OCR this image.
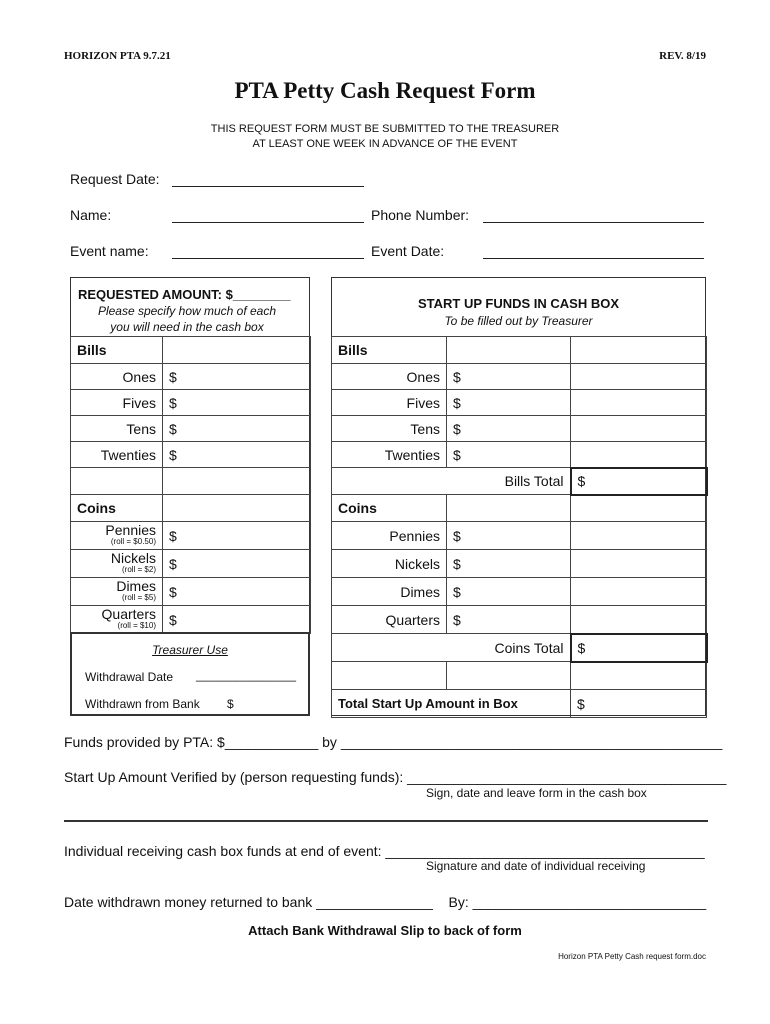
HORIZON PTA 9.7.21	REV. 8/19
PTA Petty Cash Request Form
THIS REQUEST FORM MUST BE SUBMITTED TO THE TREASURER
AT LEAST ONE WEEK IN ADVANCE OF THE EVENT
Request Date:
Name:	Phone Number:
Event name:	Event Date:
REQUESTED AMOUNT: $________
Please specify how much of each
you will need in the cash box
Bills	
Ones	$
Fives	$
Tens	$
Twenties	$

Coins	

Pennies
(roll = $0.50)	$

Nickels
(roll = $2)	$

Dimes
(roll = $5)	$

Quarters
(roll = $10)	$
Treasurer Use
Withdrawal Date _______________
Withdrawn from Bank $
START UP FUNDS IN CASH BOX
To be filled out by Treasurer
Bills		
Ones	$	
Fives	$	
Tens	$	
Twenties	$	
Bills Total		$
Coins		
Pennies	$	
Nickels	$	
Dimes	$	
Quarters	$	
Coins Total		$

Total Start Up Amount in Box		$
Funds provided by PTA: $____________ by _________________________________________________
Start Up Amount Verified by (person requesting funds): _________________________________________
Sign, date and leave form in the cash box
Individual receiving cash box funds at end of event: _________________________________________
Signature and date of individual receiving
Date withdrawn money returned to bank _______________    By: ______________________________
Attach Bank Withdrawal Slip to back of form
Horizon PTA Petty Cash request form.doc
